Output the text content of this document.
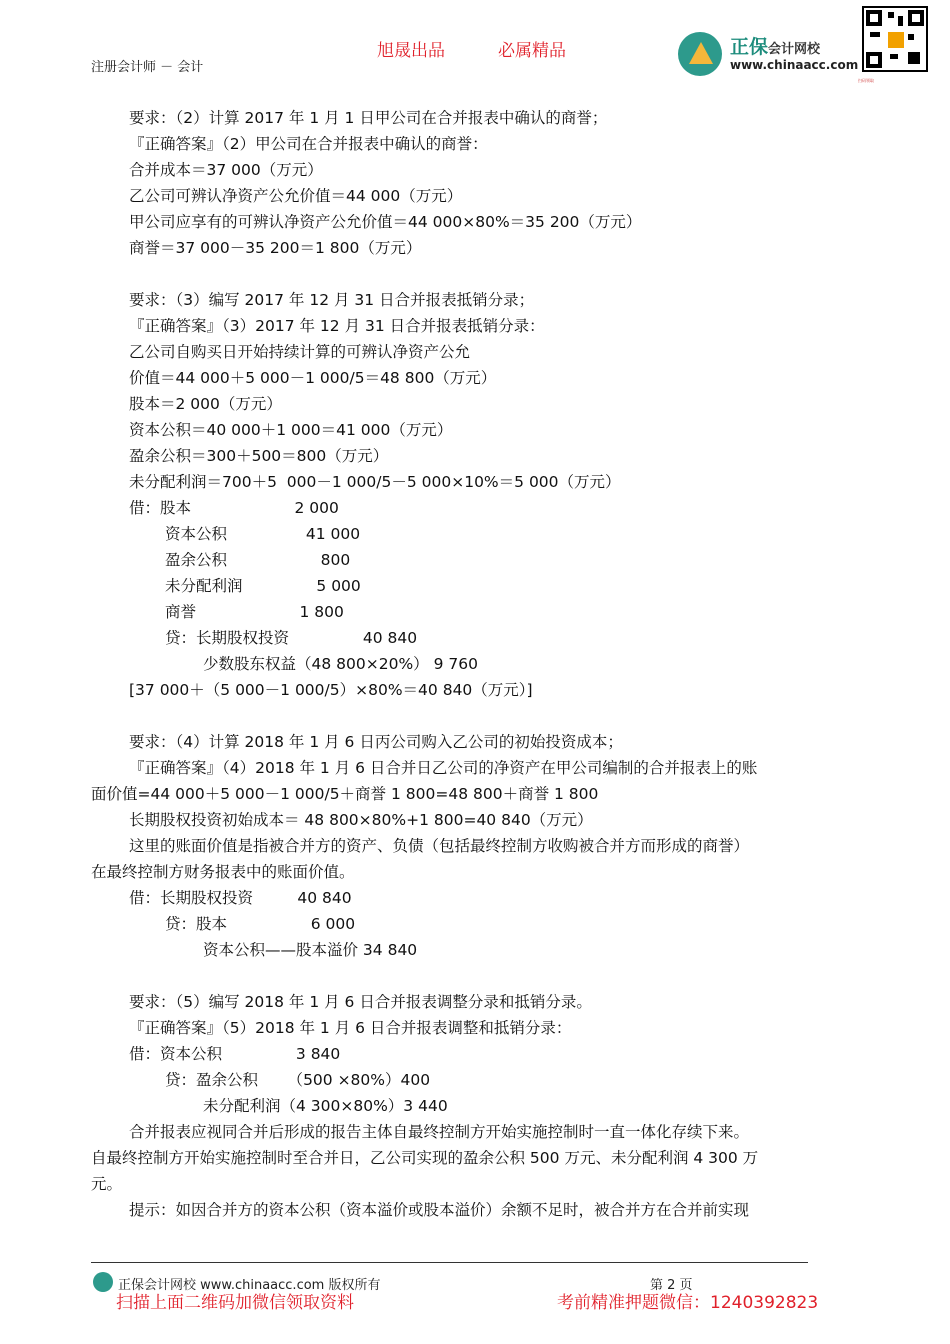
旭晟出品	必属精品
注册会计师 － 会计
正保会计网校
www.chinaacc.com
扫码领取
要求：（2）计算 2017 年 1 月 1 日甲公司在合并报表中确认的商誉；
『正确答案』（2）甲公司在合并报表中确认的商誉：
合并成本＝37 000（万元）
乙公司可辨认净资产公允价值＝44 000（万元）
甲公司应享有的可辨认净资产公允价值＝44 000×80%＝35 200（万元）
商誉＝37 000－35 200＝1 800（万元）
要求：（3）编写 2017 年 12 月 31 日合并报表抵销分录；
『正确答案』（3）2017 年 12 月 31 日合并报表抵销分录：
乙公司自购买日开始持续计算的可辨认净资产公允
价值＝44 000＋5 000－1 000/5＝48 800（万元）
股本＝2 000（万元）
资本公积＝40 000＋1 000＝41 000（万元）
盈余公积＝300＋500＝800（万元）
未分配利润＝700＋5  000－1 000/5－5 000×10%＝5 000（万元）
借：股本                     2 000
资本公积                41 000
盈余公积                   800
未分配利润               5 000
商誉                     1 800
贷：长期股权投资               40 840
少数股东权益（48 800×20%） 9 760
[37 000＋（5 000－1 000/5）×80%＝40 840（万元）]
要求：（4）计算 2018 年 1 月 6 日丙公司购入乙公司的初始投资成本；
『正确答案』（4）2018 年 1 月 6 日合并日乙公司的净资产在甲公司编制的合并报表上的账
面价值=44 000＋5 000－1 000/5＋商誉 1 800=48 800＋商誉 1 800
长期股权投资初始成本＝ 48 800×80%+1 800=40 840（万元）
这里的账面价值是指被合并方的资产、负债（包括最终控制方收购被合并方而形成的商誉）
在最终控制方财务报表中的账面价值。
借：长期股权投资         40 840
贷：股本                 6 000
资本公积——股本溢价 34 840
要求：（5）编写 2018 年 1 月 6 日合并报表调整分录和抵销分录。
『正确答案』（5）2018 年 1 月 6 日合并报表调整和抵销分录：
借：资本公积               3 840
贷：盈余公积      （500 ×80%）400
未分配利润（4 300×80%）3 440
合并报表应视同合并后形成的报告主体自最终控制方开始实施控制时一直一体化存续下来。
自最终控制方开始实施控制时至合并日，乙公司实现的盈余公积 500 万元、未分配利润 4 300 万
元。
提示：如因合并方的资本公积（资本溢价或股本溢价）余额不足时，被合并方在合并前实现
正保会计网校 www.chinaacc.com 版权所有	第 2 页
扫描上面二维码加微信领取资料	考前精准押题微信：1240392823
